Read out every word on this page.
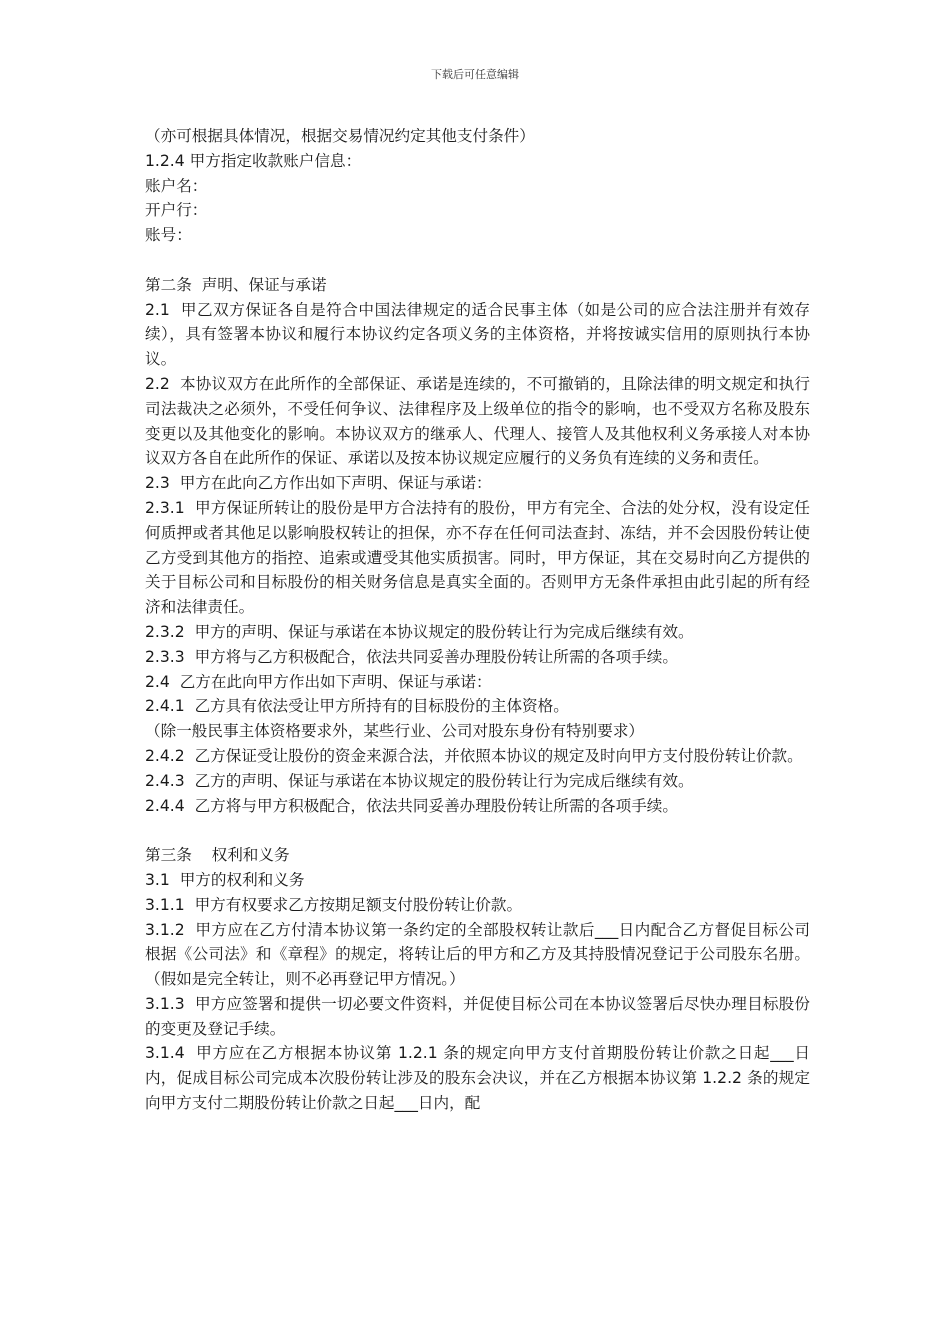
下载后可任意编辑

（亦可根据具体情况，根据交易情况约定其他支付条件）

1.2.4 甲方指定收款账户信息：

账户名：

开户行：

账号：

第二条  声明、保证与承诺

2.1  甲乙双方保证各自是符合中国法律规定的适合民事主体（如是公司的应合法注册并有效存续），具有签署本协议和履行本协议约定各项义务的主体资格，并将按诚实信用的原则执行本协议。

2.2  本协议双方在此所作的全部保证、承诺是连续的，不可撤销的，且除法律的明文规定和执行司法裁决之必须外，不受任何争议、法律程序及上级单位的指令的影响，也不受双方名称及股东变更以及其他变化的影响。本协议双方的继承人、代理人、接管人及其他权利义务承接人对本协议双方各自在此所作的保证、承诺以及按本协议规定应履行的义务负有连续的义务和责任。

2.3  甲方在此向乙方作出如下声明、保证与承诺：

2.3.1  甲方保证所转让的股份是甲方合法持有的股份，甲方有完全、合法的处分权，没有设定任何质押或者其他足以影响股权转让的担保，亦不存在任何司法查封、冻结，并不会因股份转让使乙方受到其他方的指控、追索或遭受其他实质损害。同时，甲方保证，其在交易时向乙方提供的关于目标公司和目标股份的相关财务信息是真实全面的。否则甲方无条件承担由此引起的所有经济和法律责任。

2.3.2  甲方的声明、保证与承诺在本协议规定的股份转让行为完成后继续有效。

2.3.3  甲方将与乙方积极配合，依法共同妥善办理股份转让所需的各项手续。

2.4  乙方在此向甲方作出如下声明、保证与承诺：

2.4.1  乙方具有依法受让甲方所持有的目标股份的主体资格。

（除一般民事主体资格要求外，某些行业、公司对股东身份有特别要求）

2.4.2  乙方保证受让股份的资金来源合法，并依照本协议的规定及时向甲方支付股份转让价款。

2.4.3  乙方的声明、保证与承诺在本协议规定的股份转让行为完成后继续有效。

2.4.4  乙方将与甲方积极配合，依法共同妥善办理股份转让所需的各项手续。

第三条    权利和义务

3.1  甲方的权利和义务

3.1.1  甲方有权要求乙方按期足额支付股份转让价款。

3.1.2  甲方应在乙方付清本协议第一条约定的全部股权转让款后___日内配合乙方督促目标公司根据《公司法》和《章程》的规定，将转让后的甲方和乙方及其持股情况登记于公司股东名册。（假如是完全转让，则不必再登记甲方情况。）

3.1.3  甲方应签署和提供一切必要文件资料，并促使目标公司在本协议签署后尽快办理目标股份的变更及登记手续。

3.1.4  甲方应在乙方根据本协议第 1.2.1 条的规定向甲方支付首期股份转让价款之日起___日内，促成目标公司完成本次股份转让涉及的股东会决议，并在乙方根据本协议第 1.2.2 条的规定向甲方支付二期股份转让价款之日起___日内，配
